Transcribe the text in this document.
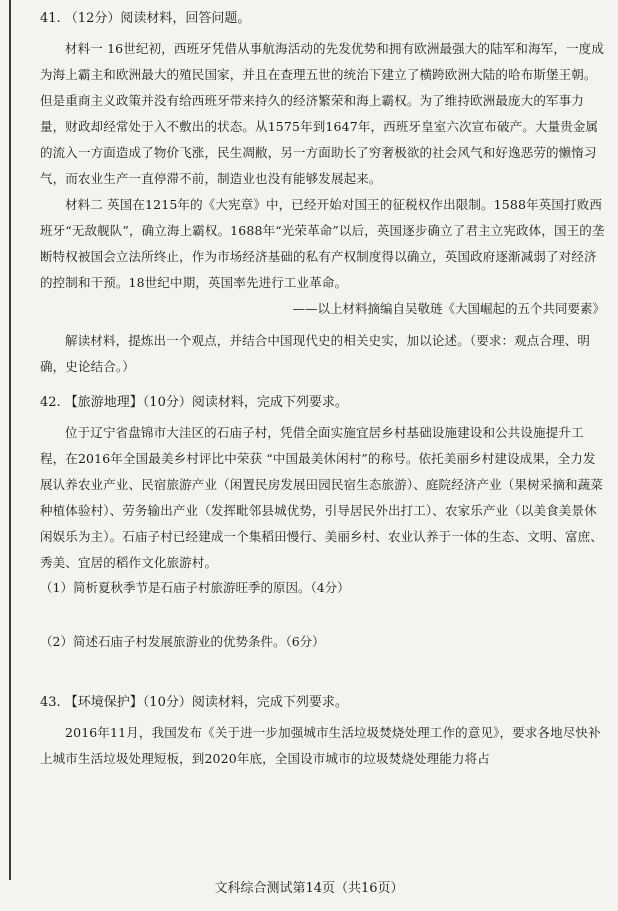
41. （12分）阅读材料，回答问题。

材料一 16世纪初，西班牙凭借从事航海活动的先发优势和拥有欧洲最强大的陆军和海军，一度成为海上霸主和欧洲最大的殖民国家，并且在查理五世的统治下建立了横跨欧洲大陆的哈布斯堡王朝。但是重商主义政策并没有给西班牙带来持久的经济繁荣和海上霸权。为了维持欧洲最庞大的军事力量，财政却经常处于入不敷出的状态。从1575年到1647年，西班牙皇室六次宣布破产。大量贵金属的流入一方面造成了物价飞涨，民生凋敝，另一方面助长了穷奢极欲的社会风气和好逸恶劳的懒惰习气，而农业生产一直停滞不前，制造业也没有能够发展起来。

材料二 英国在1215年的《大宪章》中，已经开始对国王的征税权作出限制。1588年英国打败西班牙“无敌舰队”，确立海上霸权。1688年“光荣革命”以后，英国逐步确立了君主立宪政体，国王的垄断特权被国会立法所终止，作为市场经济基础的私有产权制度得以确立，英国政府逐渐减弱了对经济的控制和干预。18世纪中期，英国率先进行工业革命。

——以上材料摘编自吴敬琏《大国崛起的五个共同要素》

解读材料，提炼出一个观点，并结合中国现代史的相关史实，加以论述。（要求：观点合理、明确，史论结合。）

42. 【旅游地理】（10分）阅读材料，完成下列要求。

位于辽宁省盘锦市大洼区的石庙子村，凭借全面实施宜居乡村基础设施建设和公共设施提升工程，在2016年全国最美乡村评比中荣获 “中国最美休闲村”的称号。依托美丽乡村建设成果，全力发展认养农业产业、民宿旅游产业（闲置民房发展田园民宿生态旅游）、庭院经济产业（果树采摘和蔬菜种植体验村）、劳务输出产业（发挥毗邻县城优势，引导居民外出打工）、农家乐产业（以美食美景休闲娱乐为主）。石庙子村已经建成一个集稻田慢行、美丽乡村、农业认养于一体的生态、文明、富庶、秀美、宜居的稻作文化旅游村。

（1）简析夏秋季节是石庙子村旅游旺季的原因。（4分）

（2）简述石庙子村发展旅游业的优势条件。（6分）

43. 【环境保护】（10分）阅读材料，完成下列要求。

2016年11月，我国发布《关于进一步加强城市生活垃圾焚烧处理工作的意见》，要求各地尽快补上城市生活垃圾处理短板，到2020年底，全国设市城市的垃圾焚烧处理能力将占

文科综合测试第14页（共16页）
